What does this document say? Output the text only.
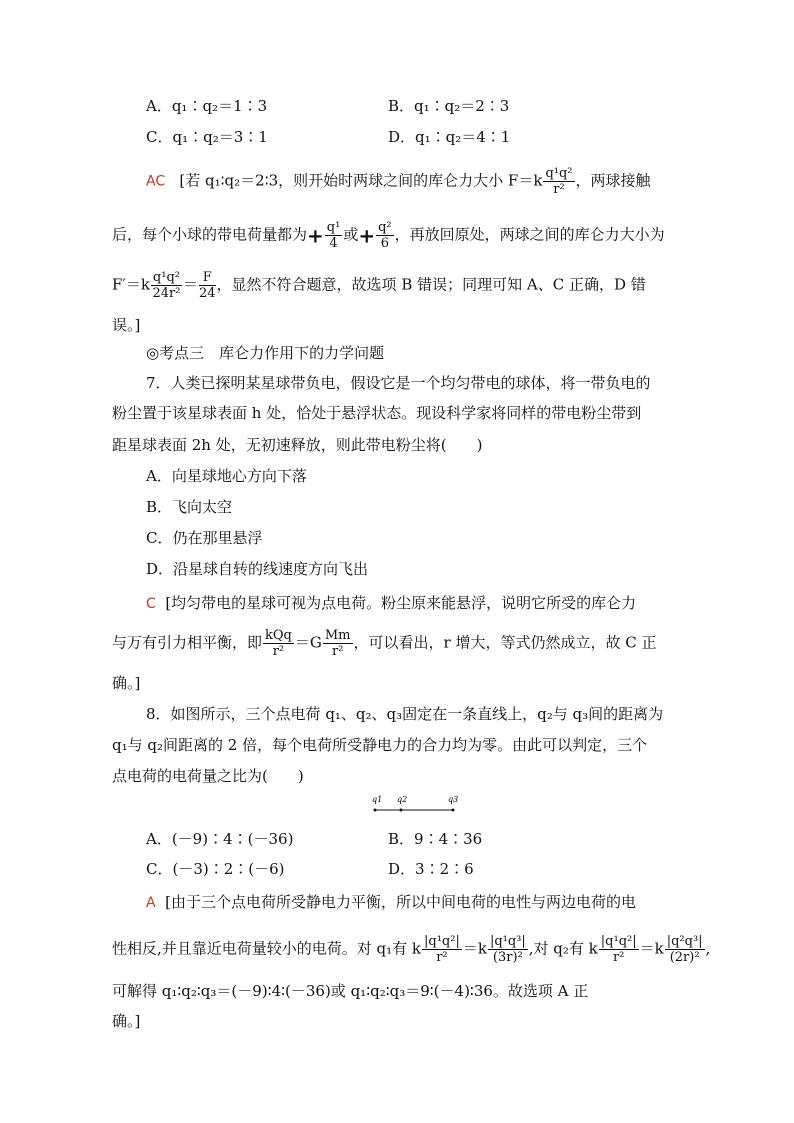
A．q₁∶q₂＝1∶3	B．q₁∶q₂＝2∶3
C．q₁∶q₂＝3∶1	D．q₁∶q₂＝4∶1
AC [若 q₁∶q₂＝2∶3，则开始时两球之间的库仑力大小 $F=k \frac{\text{q¹q²}}{\text{r²}}$ ，两球接触
后，每个小球的带电荷量都为+ $\frac{\text{q¹}}{4}$ 或+ $\frac{\text{q²}}{6}$ ，再放回原处，两球之间的库仑力大小为
$F'=k \frac{\text{q¹q²}}{\text{24r²}} = \frac{F}{24}$ ，显然不符合题意，故选项 B 错误；同理可知 A、C 正确，D 错
误。]
◎考点三　库仑力作用下的力学问题
7．人类已探明某星球带负电，假设它是一个均匀带电的球体，将一带负电的
粉尘置于该星球表面 h 处，恰处于悬浮状态。现设科学家将同样的带电粉尘带到
距星球表面 2h 处，无初速释放，则此带电粉尘将(　　)
A．向星球地心方向下落
B．飞向太空
C．仍在那里悬浮
D．沿星球自转的线速度方向飞出
C [均匀带电的星球可视为点电荷。粉尘原来能悬浮，说明它所受的库仑力
与万有引力相平衡，即 $\frac{\text{kQq}}{\text{r²}} =G \frac{Mm}{\text{r²}}$ ，可以看出，r 增大，等式仍然成立，故 C 正
确。]
8．如图所示，三个点电荷 q₁、q₂、q₃固定在一条直线上，q₂与 q₃间的距离为
q₁与 q₂间距离的 2 倍，每个电荷所受静电力的合力均为零。由此可以判定，三个
点电荷的电荷量之比为(　　)
q1 q2	q3
A．(－9)∶4∶(－36)	B．9∶4∶36
C．(－3)∶2∶(－6)	D．3∶2∶6
A [由于三个点电荷所受静电力平衡，所以中间电荷的电性与两边电荷的电
性相反,并且靠近电荷量较小的电荷。对 q₁有 k $\frac{\text{|q¹q²|}}{\text{r²}} =k \frac{\text{|q¹q³|}}{\text{(3r)²}}$ ,对 q₂有 k $\frac{\text{|q¹q²|}}{\text{r²}} =k \frac{\text{|q²q³|}}{\text{(2r)²}}$ ,
可解得 q₁∶q₂∶q₃＝(－9)∶4∶(－36)或 q₁∶q₂∶q₃＝9∶(－4)∶36。故选项 A 正
确。]
